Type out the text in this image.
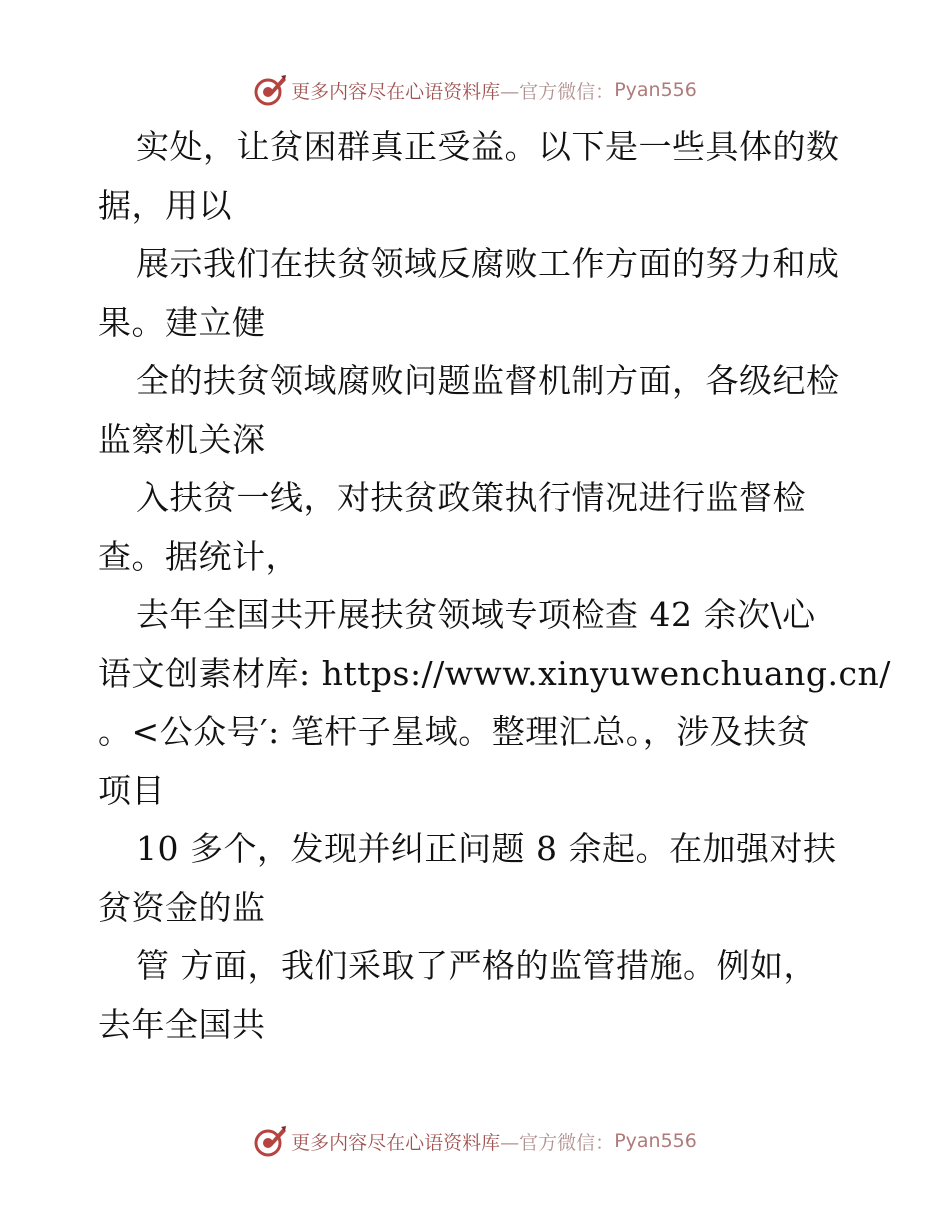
更多内容尽在心语资料库 —官方微信： Pyan556
实处，让贫困群真正受益。以下是一些具体的数
据，用以
展示我们在扶贫领域反腐败工作方面的努力和成
果。建立健
全的扶贫领域腐败问题监督机制方面，各级纪检
监察机关深
入扶贫一线，对扶贫政策执行情况进行监督检
查。据统计，
去年全国共开展扶贫领域专项检查 42 余次\心
语文创素材库: https://www.xinyuwenchuang.cn/
。<公众号′: 笔杆子星域。整理汇总。，涉及扶贫
项目
10 多个，发现并纠正问题 8 余起。在加强对扶
贫资金的监
管 方面，我们采取了严格的监管措施。例如，
去年全国共
更多内容尽在心语资料库 —官方微信： Pyan556
